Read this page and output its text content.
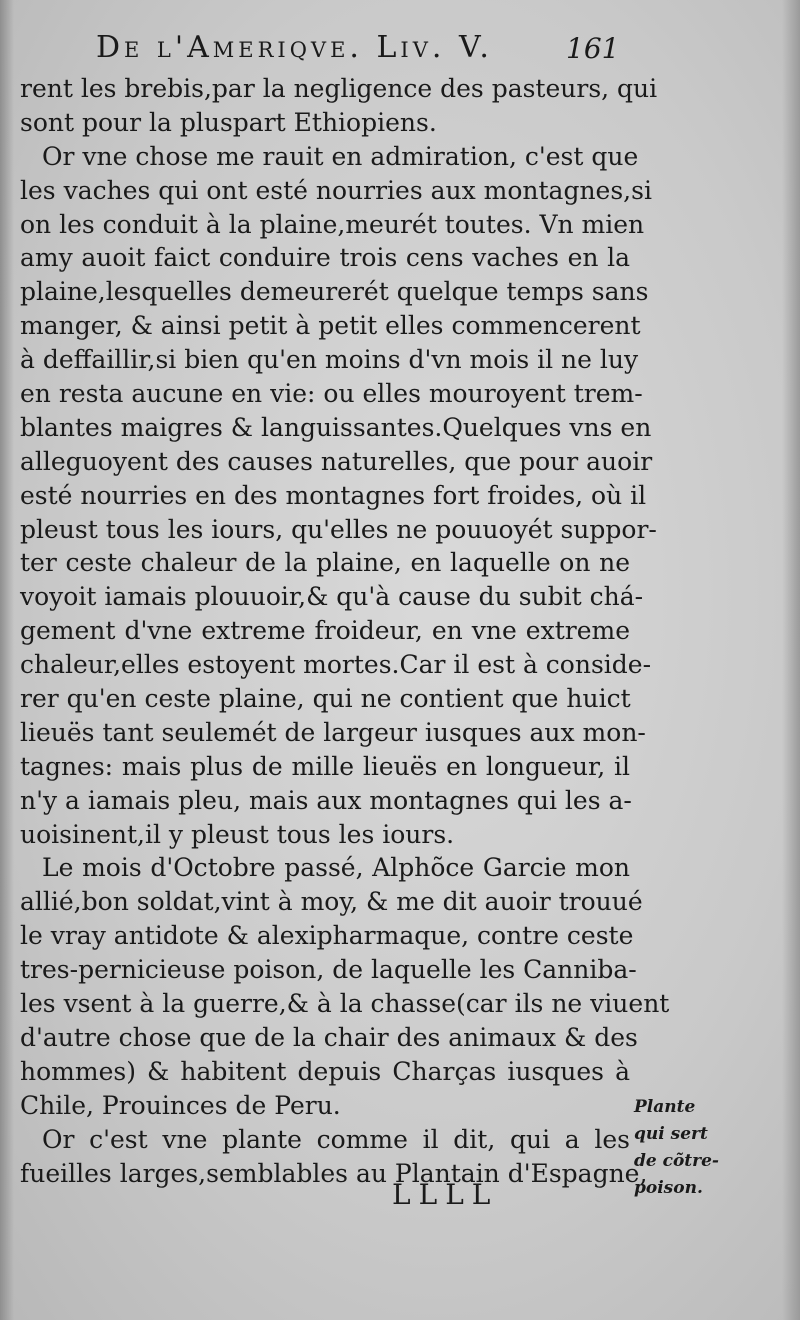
De l'Ameriqve. Liv. V.	161
rent les brebis,par la negligence des pasteurs, qui
sont pour la pluspart Ethiopiens.
Or vne chose me rauit en admiration, c'est que
les vaches qui ont esté nourries aux montagnes,si
on les conduit à la plaine,meurét toutes. Vn mien
amy auoit faict conduire trois cens vaches en la
plaine,lesquelles demeurerét quelque temps sans
manger, & ainsi petit à petit elles commencerent
à deffaillir,si bien qu'en moins d'vn mois il ne luy
en resta aucune en vie: ou elles mouroyent trem-
blantes maigres & languissantes.Quelques vns en
alleguoyent des causes naturelles, que pour auoir
esté nourries en des montagnes fort froides, où il
pleust tous les iours, qu'elles ne pouuoyét suppor-
ter ceste chaleur de la plaine, en laquelle on ne
voyoit iamais plouuoir,& qu'à cause du subit chá-
gement d'vne extreme froideur, en vne extreme
chaleur,elles estoyent mortes.Car il est à conside-
rer qu'en ceste plaine, qui ne contient que huict
lieuës tant seulemét de largeur iusques aux mon-
tagnes: mais plus de mille lieuës en longueur, il
n'y a iamais pleu, mais aux montagnes qui les a-
uoisinent,il y pleust tous les iours.
Le mois d'Octobre passé, Alphõce Garcie mon
allié,bon soldat,vint à moy, & me dit auoir trouué
le vray antidote & alexipharmaque, contre ceste
tres-pernicieuse poison, de laquelle les Canniba-
les vsent à la guerre,& à la chasse(car ils ne viuent
d'autre chose que de la chair des animaux & des
hommes) & habitent depuis Charças iusques à
Chile, Prouinces de Peru.
Or c'est vne plante comme il dit, qui a les
fueilles larges,semblables au Plantain d'Espagne,
Plante
qui sert
de cõtre-
poison.
LLLL
